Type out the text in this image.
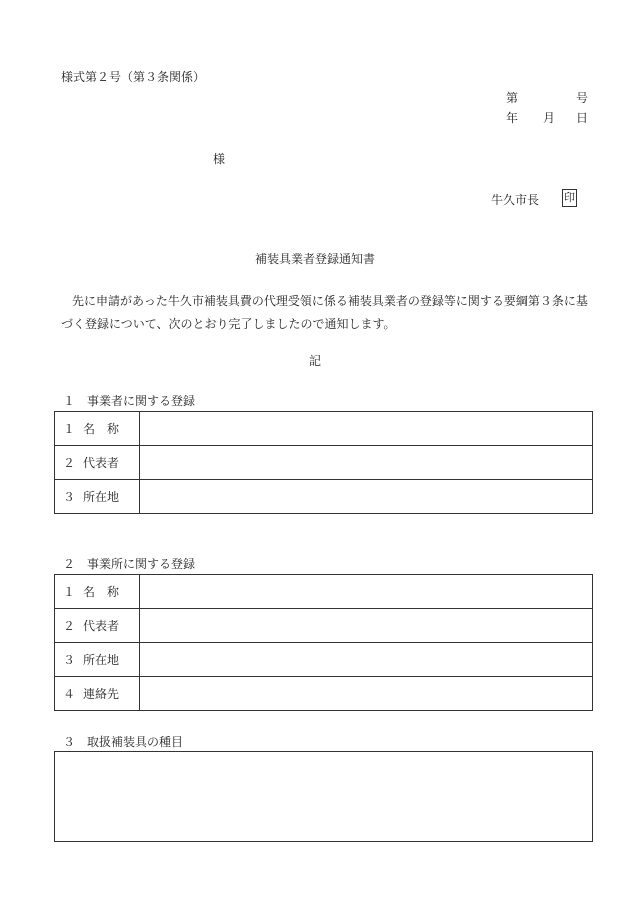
様式第２号（第３条関係）
第	号
年 月 日
様
牛久市長 印
補装具業者登録通知書
先に申請があった牛久市補装具費の代理受領に係る補装具業者の登録等に関する要綱第３条に基づく登録について、次のとおり完了しましたので通知します。
記
１　事業者に関する登録
１ 名　称	
２ 代表者	
３ 所在地	
２　事業所に関する登録
１ 名　称	
２ 代表者	
３ 所在地	
４ 連絡先	
３　取扱補装具の種目
